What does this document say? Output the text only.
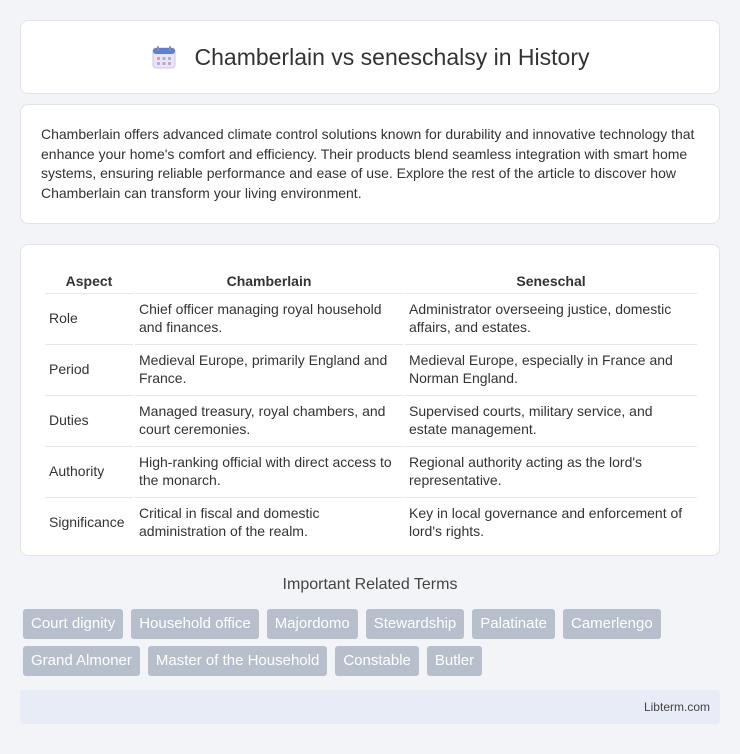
Chamberlain vs seneschalsy in History

Chamberlain offers advanced climate control solutions known for durability and innovative technology that enhance your home's comfort and efficiency. Their products blend seamless integration with smart home systems, ensuring reliable performance and ease of use. Explore the rest of the article to discover how Chamberlain can transform your living environment.

Aspect	Chamberlain	Seneschal
Role	Chief officer managing royal household and finances.	Administrator overseeing justice, domestic affairs, and estates.
Period	Medieval Europe, primarily England and France.	Medieval Europe, especially in France and Norman England.
Duties	Managed treasury, royal chambers, and court ceremonies.	Supervised courts, military service, and estate management.
Authority	High-ranking official with direct access to the monarch.	Regional authority acting as the lord's representative.
Significance	Critical in fiscal and domestic administration of the realm.	Key in local governance and enforcement of lord's rights.
Important Related Terms
Court dignity	Household office	Majordomo	Stewardship	Palatinate	Camerlengo
Grand Almoner	Master of the Household	Constable	Butler
Libterm.com
